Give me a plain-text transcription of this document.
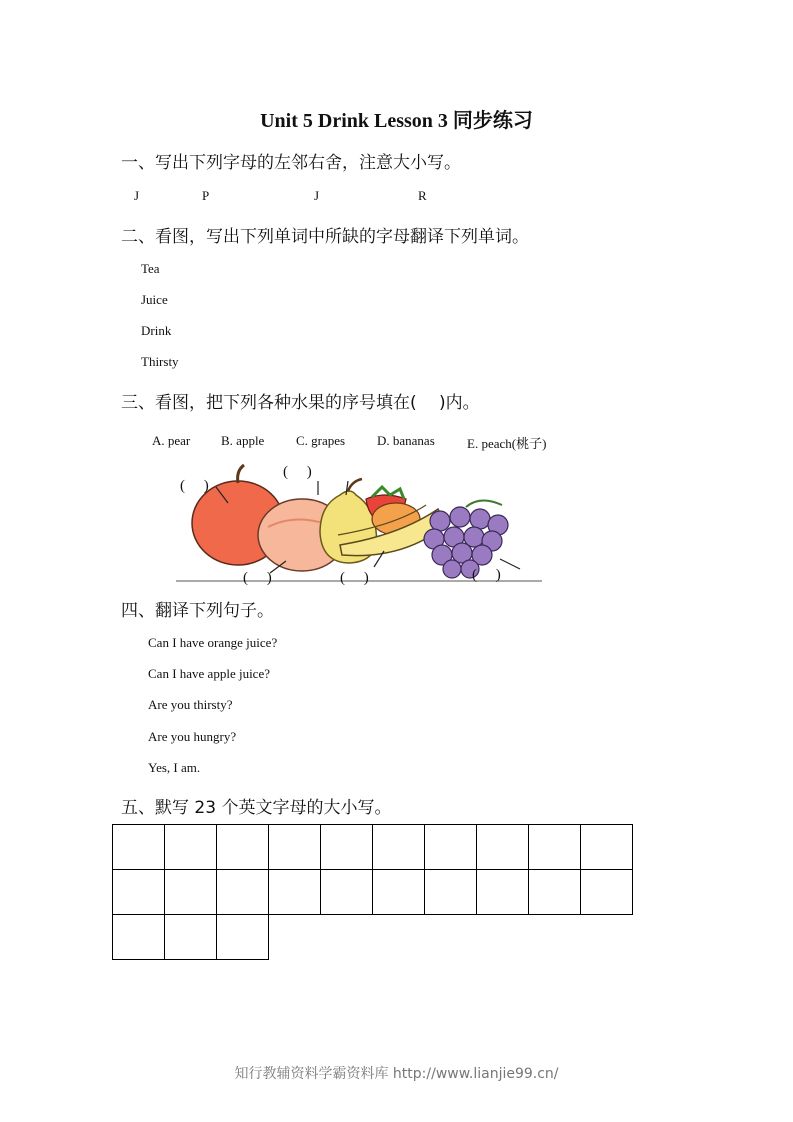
Unit 5 Drink Lesson 3 同步练习
一、写出下列字母的左邻右舍，注意大小写。
J	P	J	R
二、看图，写出下列单词中所缺的字母翻译下列单词。
Tea
Juice
Drink
Thirsty
三、看图，把下列各种水果的序号填在(　 )内。
A. pear B. apple C. grapes D. bananas E. peach(桃子)
(　 )
(　 )
(　 )	(　 )	(　 )
四、翻译下列句子。
Can I have orange juice?
Can I have apple juice?
Are you thirsty?
Are you hungry?
Yes, I am.
五、默写 23 个英文字母的大小写。

知行教辅资料学霸资料库 http://www.lianjie99.cn/
